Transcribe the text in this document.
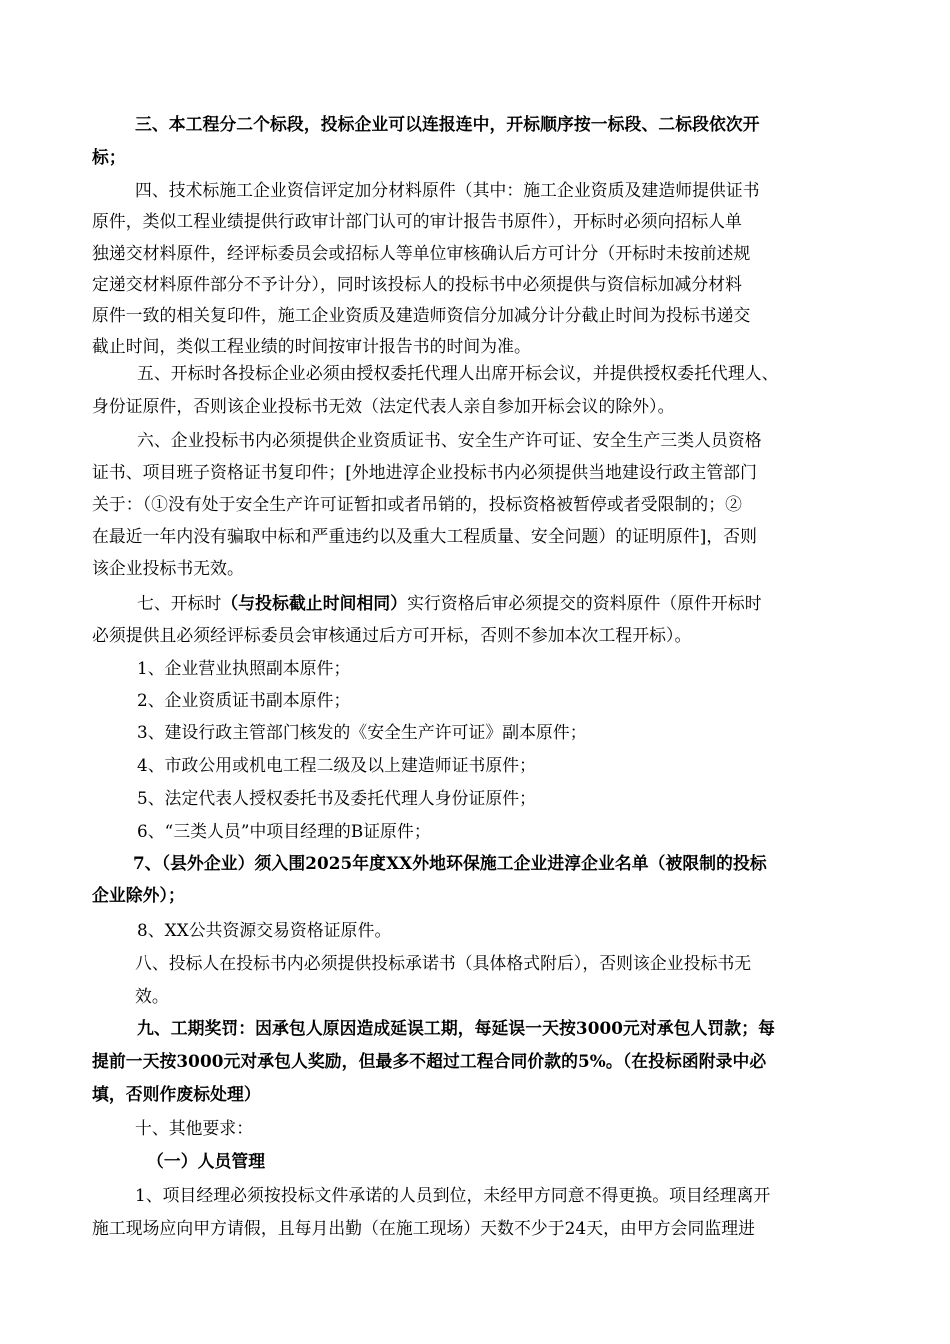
三、本工程分二个标段，投标企业可以连报连中，开标顺序按一标段、二标段依次开

标；

四、技术标施工企业资信评定加分材料原件（其中：施工企业资质及建造师提供证书

原件，类似工程业绩提供行政审计部门认可的审计报告书原件），开标时必须向招标人单

独递交材料原件，经评标委员会或招标人等单位审核确认后方可计分（开标时未按前述规

定递交材料原件部分不予计分），同时该投标人的投标书中必须提供与资信标加减分材料

原件一致的相关复印件，施工企业资质及建造师资信分加减分计分截止时间为投标书递交

截止时间，类似工程业绩的时间按审计报告书的时间为准。

五、开标时各投标企业必须由授权委托代理人出席开标会议，并提供授权委托代理人、

身份证原件，否则该企业投标书无效（法定代表人亲自参加开标会议的除外）。

六、企业投标书内必须提供企业资质证书、安全生产许可证、安全生产三类人员资格

证书、项目班子资格证书复印件；[外地进淳企业投标书内必须提供当地建设行政主管部门

关于：（①没有处于安全生产许可证暂扣或者吊销的，投标资格被暂停或者受限制的；②

在最近一年内没有骗取中标和严重违约以及重大工程质量、安全问题）的证明原件]，否则

该企业投标书无效。

七、开标时（与投标截止时间相同）实行资格后审必须提交的资料原件（原件开标时

必须提供且必须经评标委员会审核通过后方可开标，否则不参加本次工程开标）。

1、企业营业执照副本原件；

2、企业资质证书副本原件；

3、建设行政主管部门核发的《安全生产许可证》副本原件；

4、市政公用或机电工程二级及以上建造师证书原件；

5、法定代表人授权委托书及委托代理人身份证原件；

6、“三类人员”中项目经理的B证原件；

7、（县外企业）须入围2025年度XX外地环保施工企业进淳企业名单（被限制的投标

企业除外）；

8、XX公共资源交易资格证原件。

八、投标人在投标书内必须提供投标承诺书（具体格式附后），否则该企业投标书无

效。

九、工期奖罚：因承包人原因造成延误工期，每延误一天按3000元对承包人罚款；每

提前一天按3000元对承包人奖励，但最多不超过工程合同价款的5%。（在投标函附录中必

填，否则作废标处理）

十、其他要求：

（一）人员管理

1、项目经理必须按投标文件承诺的人员到位，未经甲方同意不得更换。项目经理离开

施工现场应向甲方请假，且每月出勤（在施工现场）天数不少于24天，由甲方会同监理进
